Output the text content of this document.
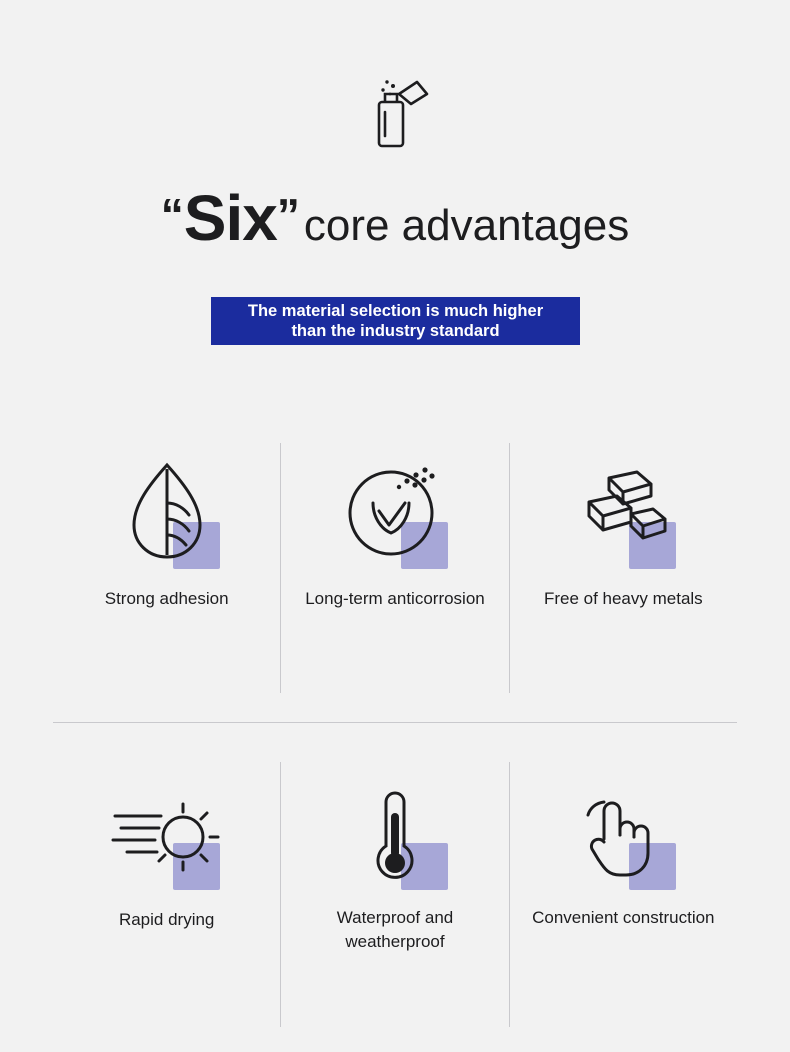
“Six”core advantages
The material selection is much higher
than the industry standard
Strong adhesion	Long-term anticorrosion	Free of heavy metals
Rapid drying	Waterproof and weatherproof
Convenient construction
